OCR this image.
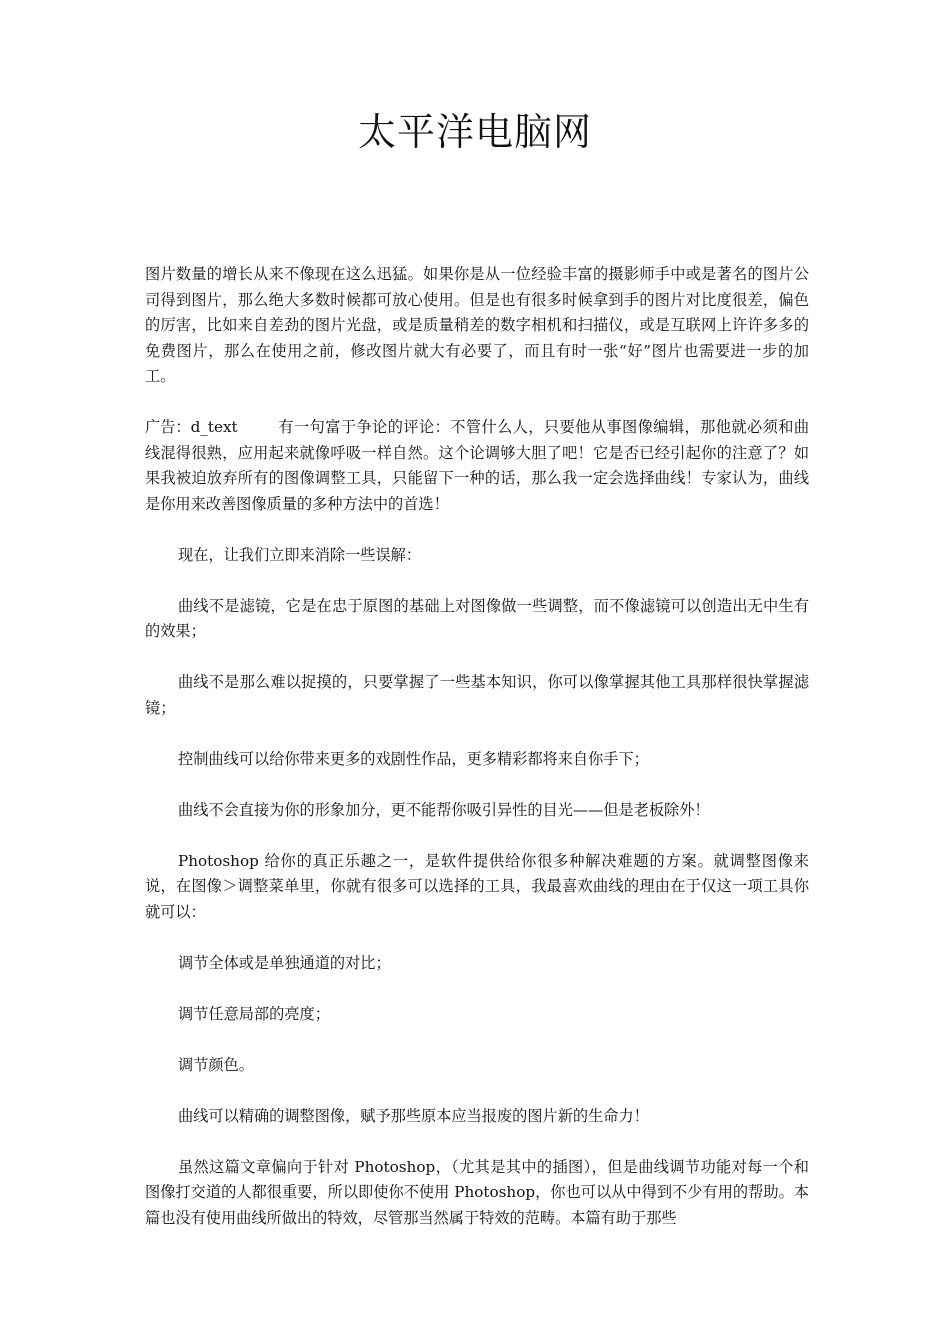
太平洋电脑网

图片数量的增长从来不像现在这么迅猛。如果你是从一位经验丰富的摄影师手中或是著名的图片公司得到图片，那么绝大多数时候都可放心使用。但是也有很多时候拿到手的图片对比度很差，偏色的厉害，比如来自差劲的图片光盘，或是质量稍差的数字相机和扫描仪，或是互联网上许许多多的免费图片，那么在使用之前，修改图片就大有必要了，而且有时一张“好”图片也需要进一步的加工。

广告：d_text	有一句富于争论的评论：不管什么人，只要他从事图像编辑，那他就必须和曲线混得很熟，应用起来就像呼吸一样自然。这个论调够大胆了吧！它是否已经引起你的注意了？如果我被迫放弃所有的图像调整工具，只能留下一种的话，那么我一定会选择曲线！专家认为，曲线是你用来改善图像质量的多种方法中的首选！

现在，让我们立即来消除一些误解：

曲线不是滤镜，它是在忠于原图的基础上对图像做一些调整，而不像滤镜可以创造出无中生有的效果；

曲线不是那么难以捉摸的，只要掌握了一些基本知识，你可以像掌握其他工具那样很快掌握滤镜；

控制曲线可以给你带来更多的戏剧性作品，更多精彩都将来自你手下；

曲线不会直接为你的形象加分，更不能帮你吸引异性的目光——但是老板除外！

Photoshop 给你的真正乐趣之一，是软件提供给你很多种解决难题的方案。就调整图像来说，在图像＞调整菜单里，你就有很多可以选择的工具，我最喜欢曲线的理由在于仅这一项工具你就可以：

调节全体或是单独通道的对比；

调节任意局部的亮度；

调节颜色。

曲线可以精确的调整图像，赋予那些原本应当报废的图片新的生命力！

虽然这篇文章偏向于针对 Photoshop，（尤其是其中的插图），但是曲线调节功能对每一个和图像打交道的人都很重要，所以即使你不使用 Photoshop，你也可以从中得到不少有用的帮助。本篇也没有使用曲线所做出的特效，尽管那当然属于特效的范畴。本篇有助于那些
